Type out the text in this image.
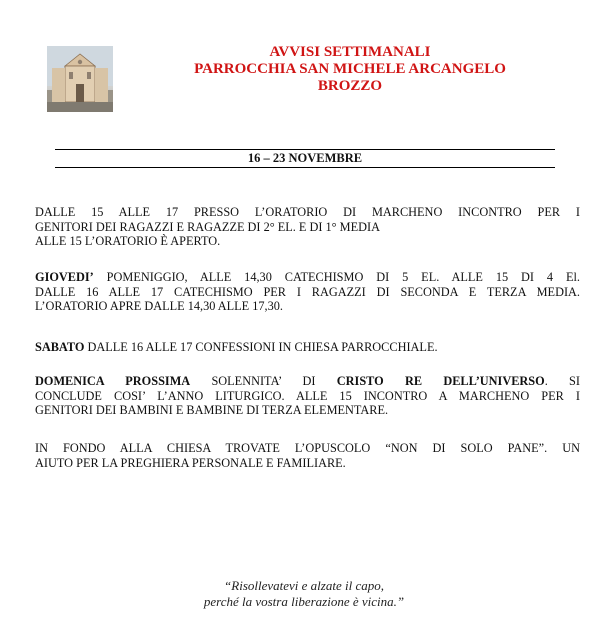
AVVISI SETTIMANALI
PARROCCHIA SAN MICHELE ARCANGELO
BROZZO
16 – 23 NOVEMBRE
DALLE 15 ALLE 17 PRESSO L’ORATORIO DI MARCHENO INCONTRO PER I
GENITORI DEI RAGAZZI E RAGAZZE DI 2° EL. E DI 1° MEDIA
ALLE 15 L’ORATORIO È APERTO.
GIOVEDI’ POMENIGGIO, ALLE 14,30 CATECHISMO DI 5 EL. ALLE 15 DI 4 El.
DALLE 16 ALLE 17 CATECHISMO PER I RAGAZZI DI SECONDA E TERZA MEDIA.
L’ORATORIO APRE DALLE 14,30 ALLE 17,30.
SABATO DALLE 16 ALLE 17 CONFESSIONI IN CHIESA PARROCCHIALE.
DOMENICA PROSSIMA SOLENNITA’ DI CRISTO RE DELL’UNIVERSO. SI
CONCLUDE COSI’ L’ANNO LITURGICO. ALLE 15 INCONTRO A MARCHENO PER I
GENITORI DEI BAMBINI E BAMBINE DI TERZA ELEMENTARE.
IN FONDO ALLA CHIESA TROVATE L’OPUSCOLO “NON DI SOLO PANE”. UN
AIUTO PER LA PREGHIERA PERSONALE E FAMILIARE.
“Risollevatevi e alzate il capo,
perché la vostra liberazione è vicina.”
